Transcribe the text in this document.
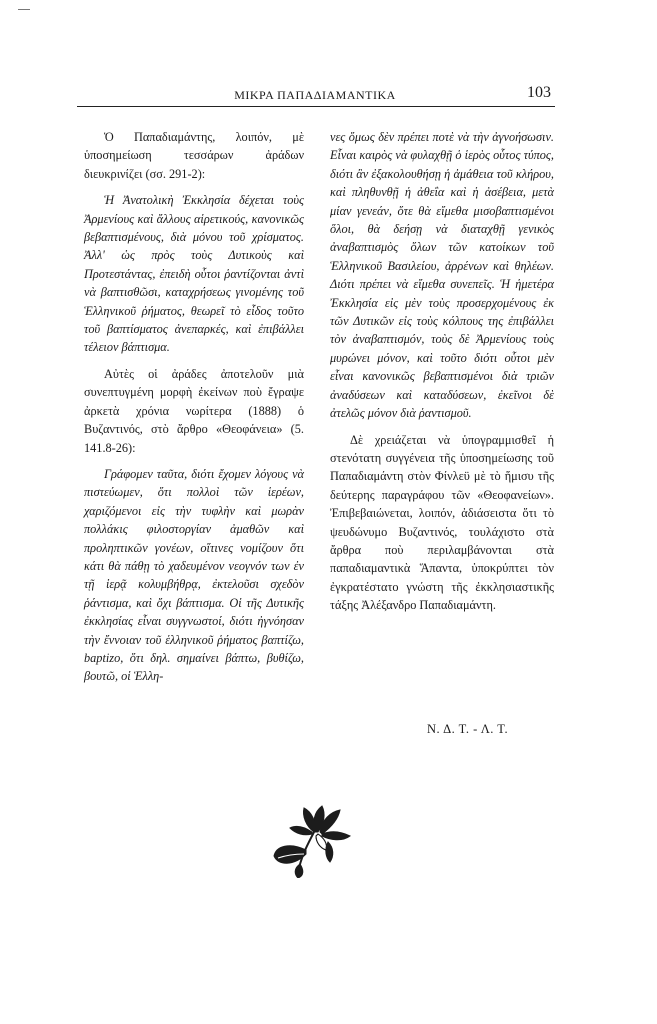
ΜΙΚΡΑ ΠΑΠΑΔΙΑΜΑΝΤΙΚΑ	103

Ὁ Παπαδιαμάντης, λοιπόν, μὲ ὑποσημείωση τεσσάρων ἀράδων διευκρινίζει (σσ. 291-2):

Ἡ Ἀνατολικὴ Ἐκκλησία δέχεται τοὺς Ἀρμενίους καὶ ἄλλους αἱρετικούς, κανονικῶς βεβαπτισμένους, διὰ μόνου τοῦ χρίσματος. Ἀλλ' ὡς πρὸς τοὺς Δυτικοὺς καὶ Προτεστάντας, ἐπειδὴ οὗτοι ῥαντίζονται ἀντὶ νὰ βαπτισθῶσι, καταχρήσεως γινομένης τοῦ Ἑλληνικοῦ ῥήματος, θεωρεῖ τὸ εἶδος τοῦτο τοῦ βαπτίσματος ἀνεπαρκές, καὶ ἐπιβάλλει τέλειον βάπτισμα.

Αὐτὲς οἱ ἀράδες ἀποτελοῦν μιὰ συνεπτυγμένη μορφὴ ἐκείνων ποὺ ἔγραψε ἀρκετὰ χρόνια νωρίτερα (1888) ὁ Βυζαντινός, στὸ ἄρθρο «Θεοφάνεια» (5. 141.8-26):

Γράφομεν ταῦτα, διότι ἔχομεν λόγους νὰ πιστεύωμεν, ὅτι πολλοὶ τῶν ἱερέων, χαριζόμενοι εἰς τὴν τυφλὴν καὶ μωρὰν πολλάκις φιλοστοργίαν ἀμαθῶν καὶ προληπτικῶν γονέων, οἵτινες νομίζουν ὅτι κάτι θὰ πάθῃ τὸ χαδευμένον νεογνόν των ἐν τῇ ἱερᾷ κολυμβήθρᾳ, ἐκτελοῦσι σχεδὸν ῥάντισμα, καὶ ὄχι βάπτισμα. Οἱ τῆς Δυτικῆς ἐκκλησίας εἶναι συγγνωστοί, διότι ἠγνόησαν τὴν ἔννοιαν τοῦ ἑλληνικοῦ ῥήματος βαπτίζω, baptizo, ὅτι δηλ. σημαίνει βάπτω, βυθίζω, βουτῶ, οἱ Ἑλλη-

νες ὅμως δὲν πρέπει ποτὲ νὰ τὴν ἀγνοήσωσιν. Εἶναι καιρὸς νὰ φυλαχθῇ ὁ ἱερὸς οὗτος τύπος, διότι ἂν ἐξακολουθήσῃ ἡ ἀμάθεια τοῦ κλήρου, καὶ πληθυνθῇ ἡ ἀθεΐα καὶ ἡ ἀσέβεια, μετὰ μίαν γενεάν, ὅτε θὰ εἴμεθα μισοβαπτισμένοι ὅλοι, θὰ δεήσῃ νὰ διαταχθῇ γενικὸς ἀναβαπτισμὸς ὅλων τῶν κατοίκων τοῦ Ἑλληνικοῦ Βασιλείου, ἀρρένων καὶ θηλέων. Διότι πρέπει νὰ εἴμεθα συνεπεῖς. Ἡ ἡμετέρα Ἐκκλησία εἰς μὲν τοὺς προσερχομένους ἐκ τῶν Δυτικῶν εἰς τοὺς κόλπους της ἐπιβάλλει τὸν ἀναβαπτισμόν, τοὺς δὲ Ἀρμενίους τοὺς μυρώνει μόνον, καὶ τοῦτο διότι οὗτοι μὲν εἶναι κανονικῶς βεβαπτισμένοι διὰ τριῶν ἀναδύσεων καὶ καταδύσεων, ἐκεῖνοι δὲ ἀτελῶς μόνον διὰ ῥαντισμοῦ.

Δὲ χρειάζεται νὰ ὑπογραμμισθεῖ ἡ στενότατη συγγένεια τῆς ὑποσημείωσης τοῦ Παπαδιαμάντη στὸν Φίνλεϋ μὲ τὸ ἥμισυ τῆς δεύτερης παραγράφου τῶν «Θεοφανείων». Ἐπιβεβαιώνεται, λοιπόν, ἀδιάσειστα ὅτι τὸ ψευδώνυμο Βυζαντινός, τουλάχιστο στὰ ἄρθρα ποὺ περιλαμβάνονται στὰ παπαδιαμαντικὰ Ἅπαντα, ὑποκρύπτει τὸν ἐγκρατέστατο γνώστη τῆς ἐκκλησιαστικῆς τάξης Ἀλέξανδρο Παπαδιαμάντη.

Ν. Δ. Τ. - Λ. Τ.
